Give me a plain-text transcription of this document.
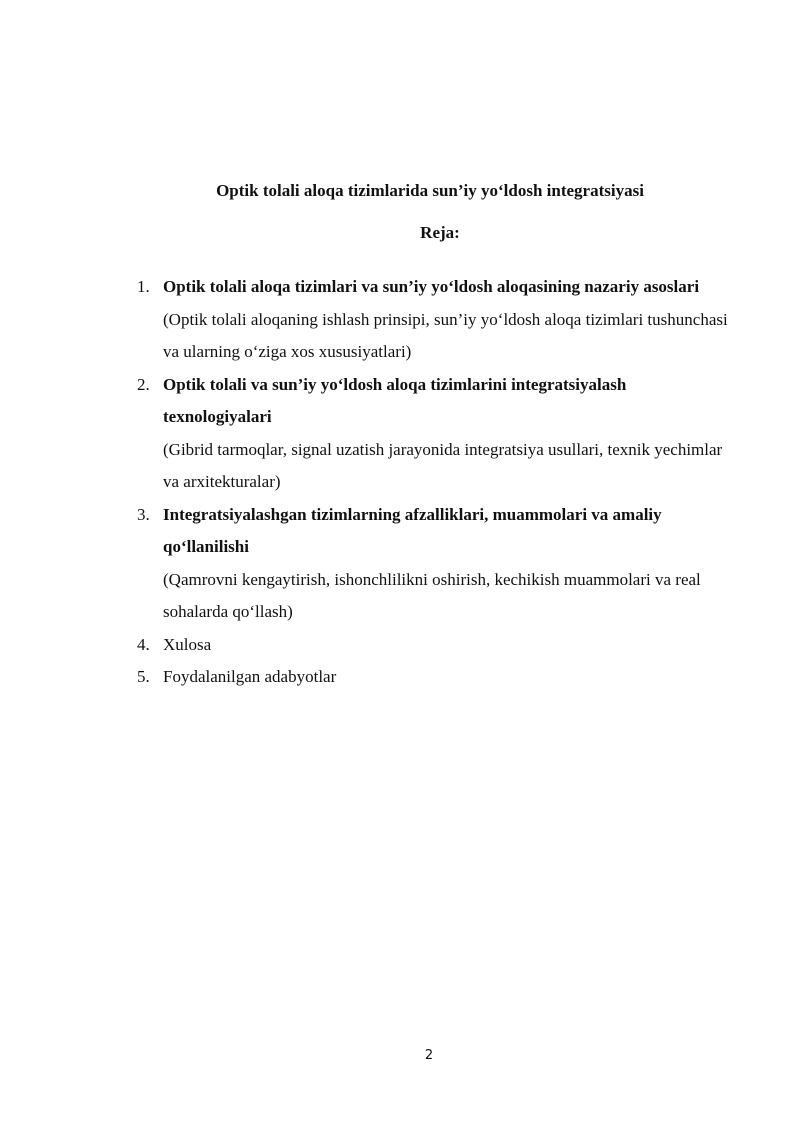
Optik tolali aloqa tizimlarida sun’iy yo‘ldosh integratsiyasi
Reja:
1. Optik tolali aloqa tizimlari va sun’iy yo‘ldosh aloqasining nazariy asoslari
(Optik tolali aloqaning ishlash prinsipi, sun’iy yo‘ldosh aloqa tizimlari tushunchasi va ularning o‘ziga xos xususiyatlari)
2. Optik tolali va sun’iy yo‘ldosh aloqa tizimlarini integratsiyalash texnologiyalari
(Gibrid tarmoqlar, signal uzatish jarayonida integratsiya usullari, texnik yechimlar va arxitekturalar)
3. Integratsiyalashgan tizimlarning afzalliklari, muammolari va amaliy qo‘llanilishi
(Qamrovni kengaytirish, ishonchlilikni oshirish, kechikish muammolari va real sohalarda qo‘llash)
4. Xulosa
5. Foydalanilgan adabyotlar
2
